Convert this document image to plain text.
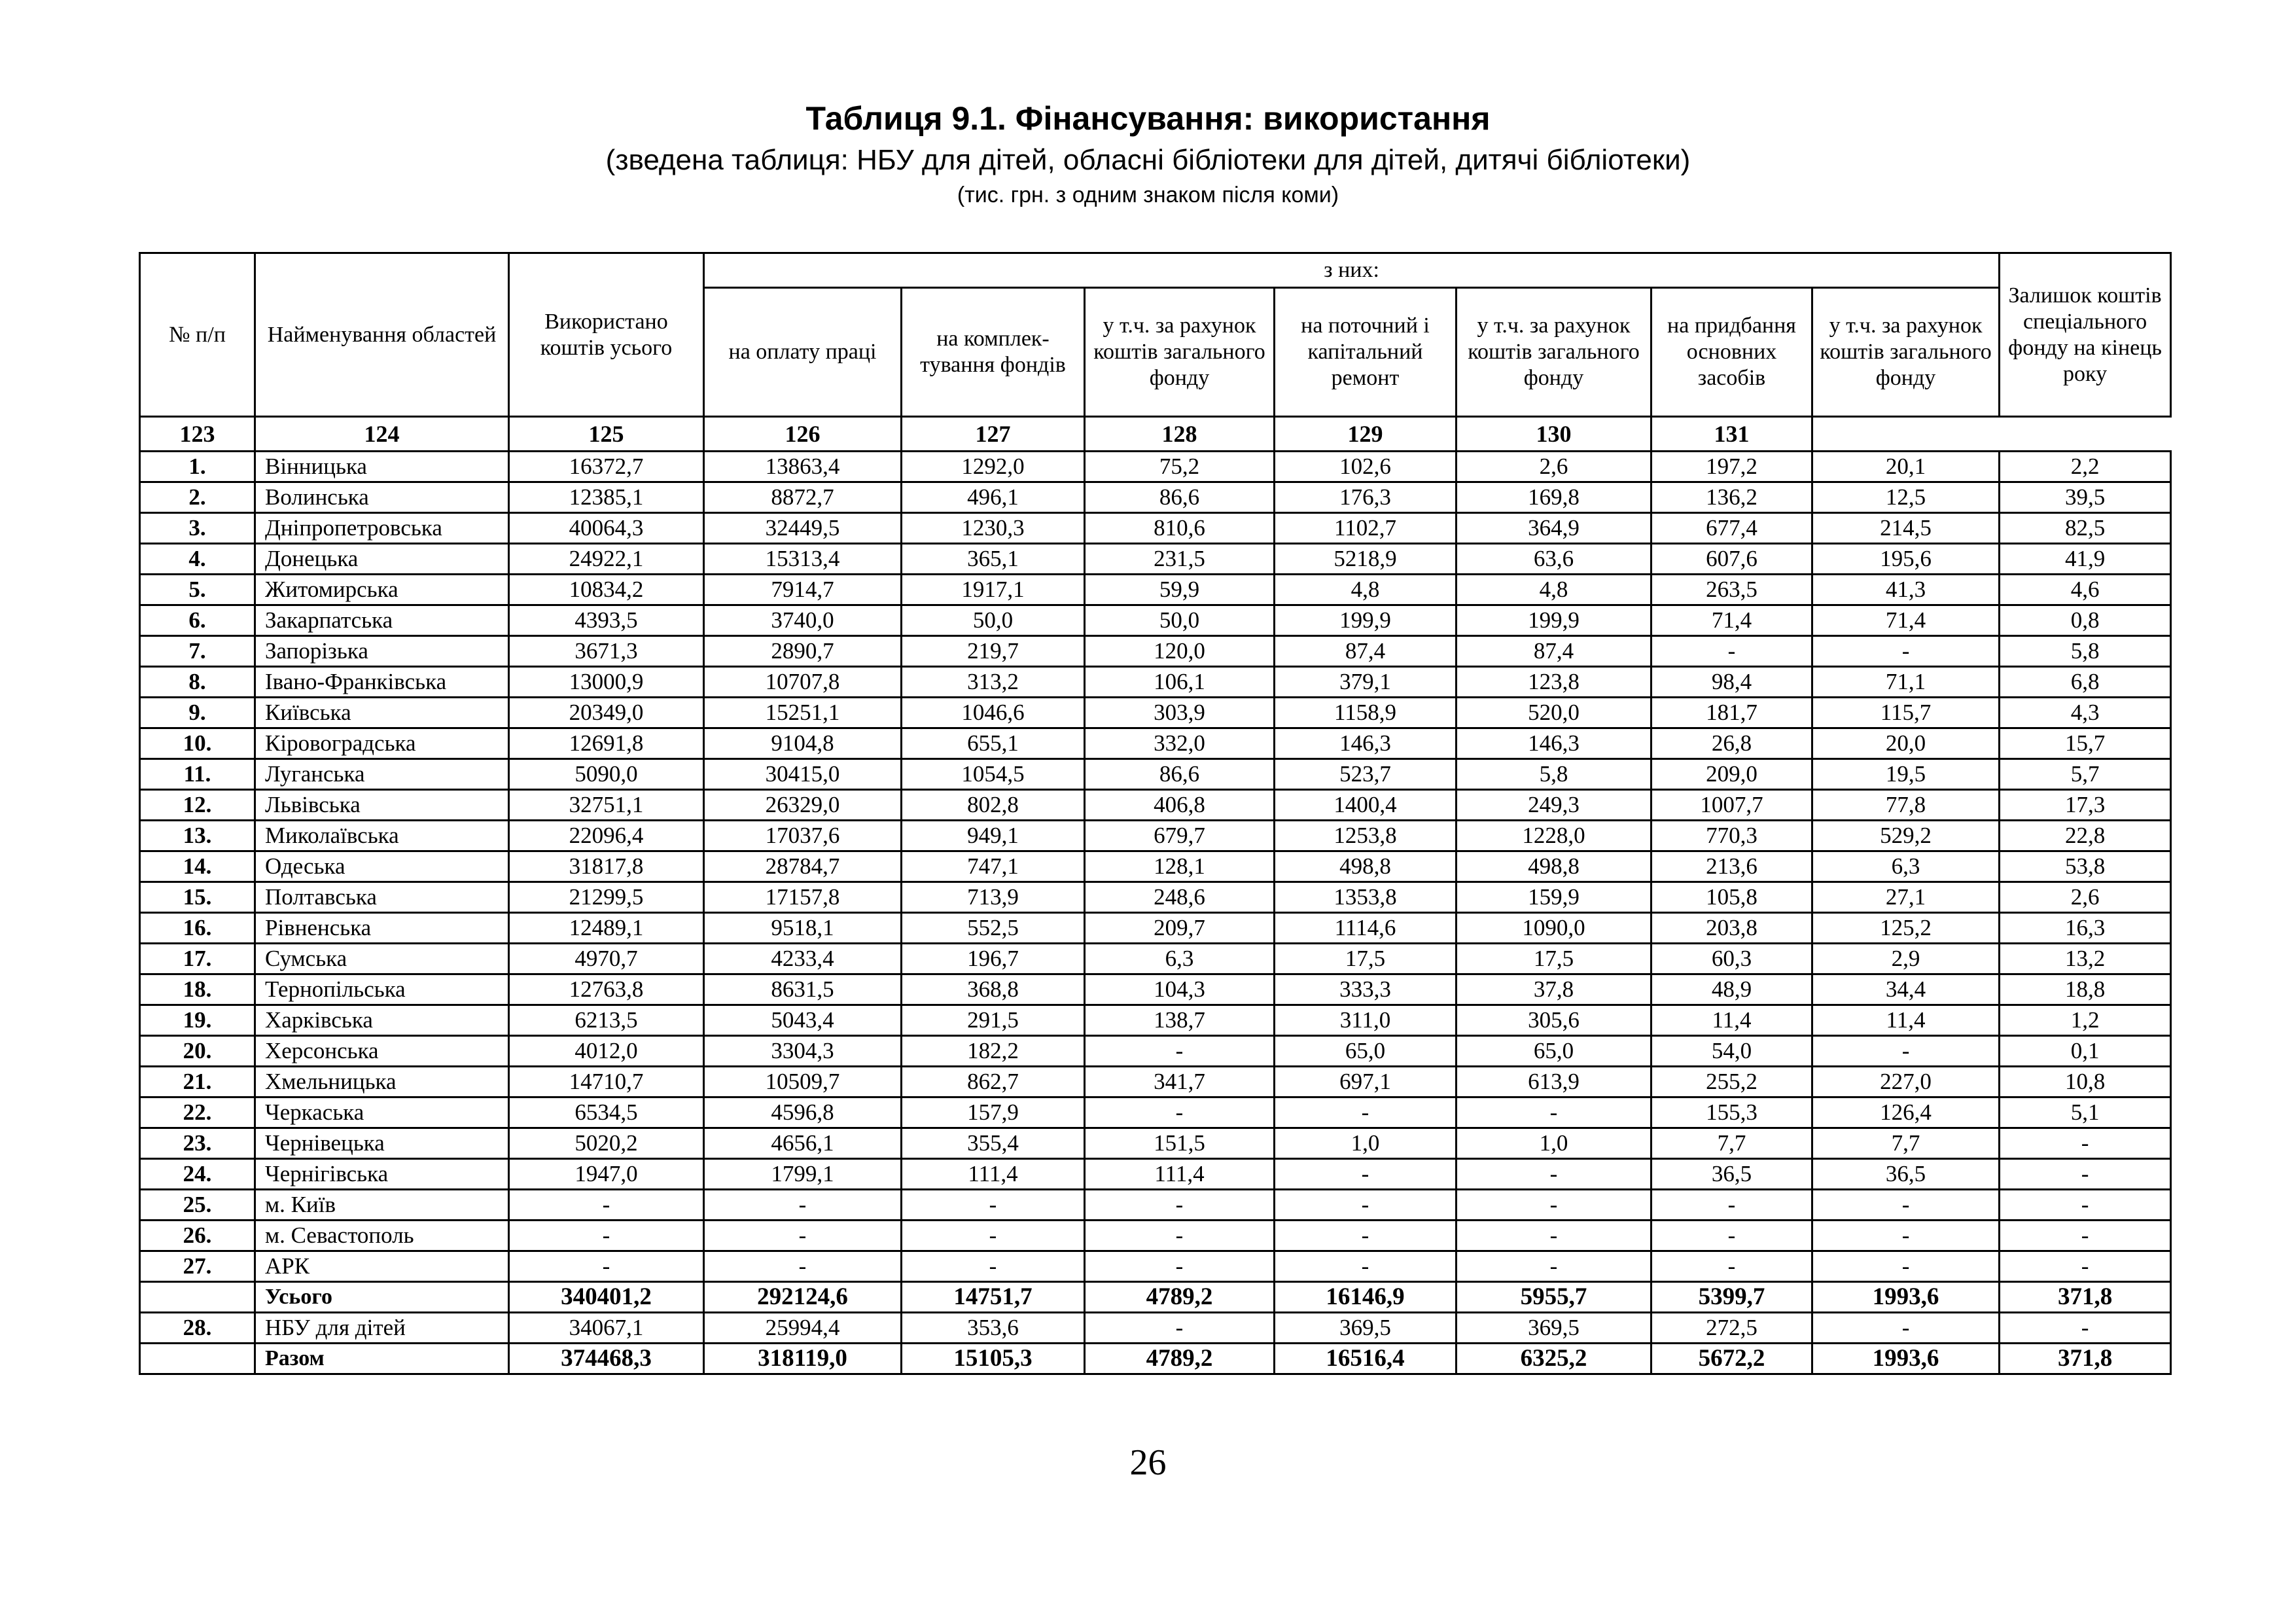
Таблиця 9.1. Фінансування: використання
(зведена таблиця: НБУ для дітей, обласні бібліотеки для дітей, дитячі бібліотеки)
(тис. грн. з одним знаком після коми)
№ п/п	Найменування областей	Використано коштів усього	з них:							Залишок коштів спеціального фонду на кінець року
			на оплату праці	на комплек-тування фондів	у т.ч. за рахунок коштів загального фонду	на поточний і капітальний ремонт	у т.ч. за рахунок коштів загального фонду	на придбання основних засобів	у т.ч. за рахунок коштів загального фонду	
123	124	125	126	127	128	129	130	131		
1.	Вінницька	16372,7	13863,4	1292,0	75,2	102,6	2,6	197,2	20,1	2,2
2.	Волинська	12385,1	8872,7	496,1	86,6	176,3	169,8	136,2	12,5	39,5
3.	Дніпропетровська	40064,3	32449,5	1230,3	810,6	1102,7	364,9	677,4	214,5	82,5
4.	Донецька	24922,1	15313,4	365,1	231,5	5218,9	63,6	607,6	195,6	41,9
5.	Житомирська	10834,2	7914,7	1917,1	59,9	4,8	4,8	263,5	41,3	4,6
6.	Закарпатська	4393,5	3740,0	50,0	50,0	199,9	199,9	71,4	71,4	0,8
7.	Запорізька	3671,3	2890,7	219,7	120,0	87,4	87,4	-	-	5,8
8.	Івано-Франківська	13000,9	10707,8	313,2	106,1	379,1	123,8	98,4	71,1	6,8
9.	Київська	20349,0	15251,1	1046,6	303,9	1158,9	520,0	181,7	115,7	4,3
10.	Кіровоградська	12691,8	9104,8	655,1	332,0	146,3	146,3	26,8	20,0	15,7
11.	Луганська	5090,0	30415,0	1054,5	86,6	523,7	5,8	209,0	19,5	5,7
12.	Львівська	32751,1	26329,0	802,8	406,8	1400,4	249,3	1007,7	77,8	17,3
13.	Миколаївська	22096,4	17037,6	949,1	679,7	1253,8	1228,0	770,3	529,2	22,8
14.	Одеська	31817,8	28784,7	747,1	128,1	498,8	498,8	213,6	6,3	53,8
15.	Полтавська	21299,5	17157,8	713,9	248,6	1353,8	159,9	105,8	27,1	2,6
16.	Рівненська	12489,1	9518,1	552,5	209,7	1114,6	1090,0	203,8	125,2	16,3
17.	Сумська	4970,7	4233,4	196,7	6,3	17,5	17,5	60,3	2,9	13,2
18.	Тернопільська	12763,8	8631,5	368,8	104,3	333,3	37,8	48,9	34,4	18,8
19.	Харківська	6213,5	5043,4	291,5	138,7	311,0	305,6	11,4	11,4	1,2
20.	Херсонська	4012,0	3304,3	182,2	-	65,0	65,0	54,0	-	0,1
21.	Хмельницька	14710,7	10509,7	862,7	341,7	697,1	613,9	255,2	227,0	10,8
22.	Черкаська	6534,5	4596,8	157,9	-	-	-	155,3	126,4	5,1
23.	Чернівецька	5020,2	4656,1	355,4	151,5	1,0	1,0	7,7	7,7	-
24.	Чернігівська	1947,0	1799,1	111,4	111,4	-	-	36,5	36,5	-
25.	м. Київ	-	-	-	-	-	-	-	-	-
26.	м. Севастополь	-	-	-	-	-	-	-	-	-
27.	АРК	-	-	-	-	-	-	-	-	-
	Усього	340401,2	292124,6	14751,7	4789,2	16146,9	5955,7	5399,7	1993,6	371,8
28.	НБУ для дітей	34067,1	25994,4	353,6	-	369,5	369,5	272,5	-	-
	Разом	374468,3	318119,0	15105,3	4789,2	16516,4	6325,2	5672,2	1993,6	371,8
26
